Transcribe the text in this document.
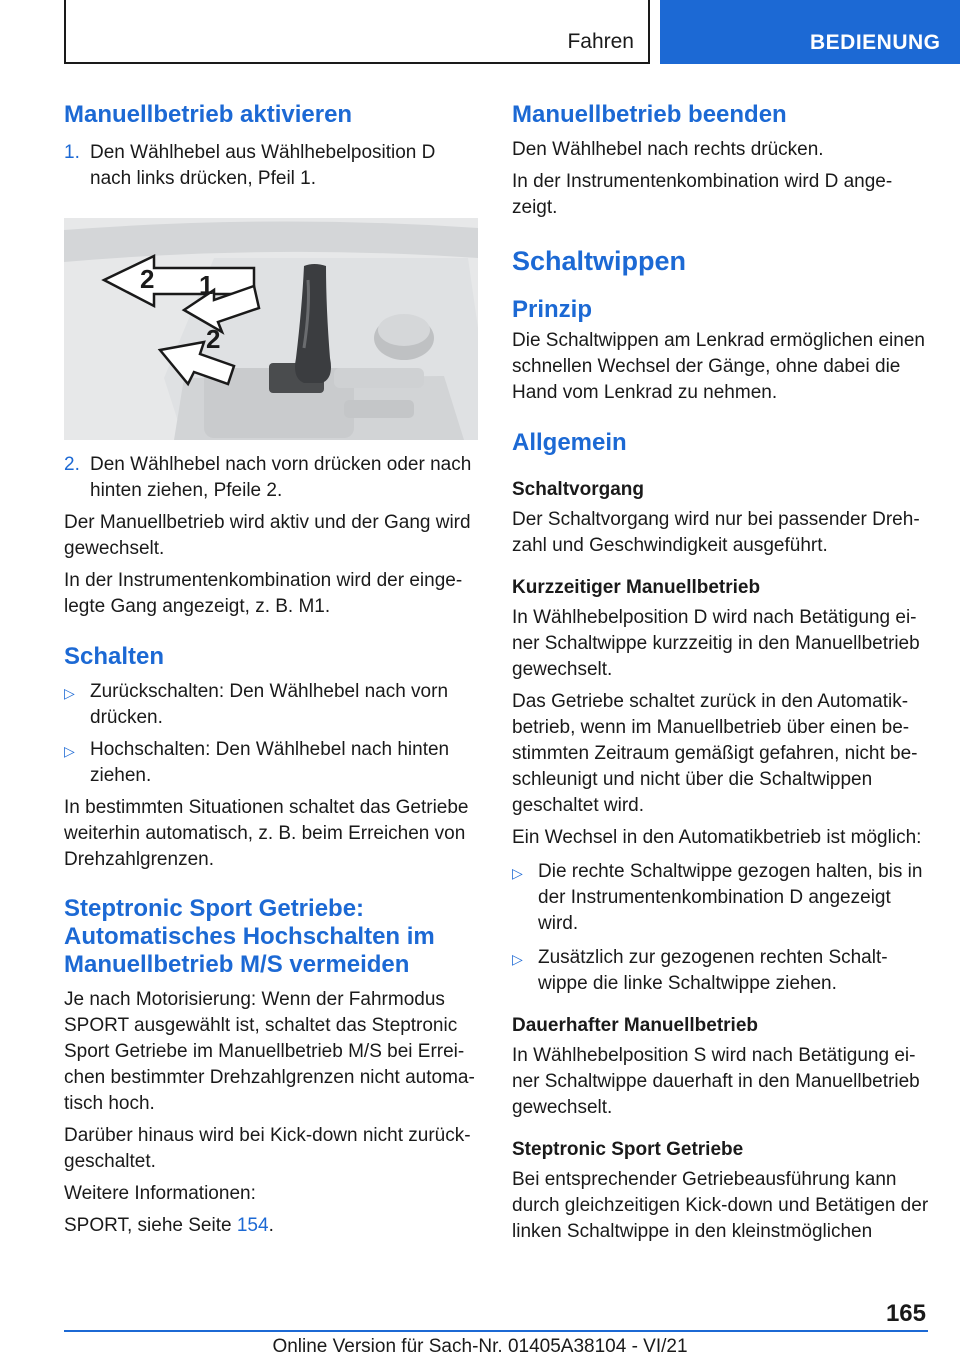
Fahren	BEDIENUNG
Manuellbetrieb aktivieren
1. Den Wählhebel aus Wählhebelposition D nach links drücken, Pfeil 1.
1
2
2
2. Den Wählhebel nach vorn drücken oder nach hinten ziehen, Pfeile 2.

Der Manuellbetrieb wird aktiv und der Gang wird gewechselt.

In der Instrumentenkombination wird der einge-legte Gang angezeigt, z. B. M1.

Schalten
▷ Zurückschalten: Den Wählhebel nach vorn drücken.
▷ Hochschalten: Den Wählhebel nach hinten ziehen.

In bestimmten Situationen schaltet das Getriebe weiterhin automatisch, z. B. beim Erreichen von Drehzahlgrenzen.

Steptronic Sport Getriebe: Automatisches Hochschalten im Manuellbetrieb M/S vermeiden

Je nach Motorisierung: Wenn der Fahrmodus SPORT ausgewählt ist, schaltet das Steptronic Sport Getriebe im Manuellbetrieb M/S bei Errei-chen bestimmter Drehzahlgrenzen nicht automa-tisch hoch.

Darüber hinaus wird bei Kick-down nicht zurück-geschaltet.

Weitere Informationen:

SPORT, siehe Seite 154.

Manuellbetrieb beenden

Den Wählhebel nach rechts drücken.

In der Instrumentenkombination wird D ange-zeigt.

Schaltwippen
Prinzip

Die Schaltwippen am Lenkrad ermöglichen einen schnellen Wechsel der Gänge, ohne dabei die Hand vom Lenkrad zu nehmen.

Allgemein
Schaltvorgang

Der Schaltvorgang wird nur bei passender Dreh-zahl und Geschwindigkeit ausgeführt.

Kurzzeitiger Manuellbetrieb

In Wählhebelposition D wird nach Betätigung ei-ner Schaltwippe kurzzeitig in den Manuellbetrieb gewechselt.

Das Getriebe schaltet zurück in den Automatik-betrieb, wenn im Manuellbetrieb über einen be-stimmten Zeitraum gemäßigt gefahren, nicht be-schleunigt und nicht über die Schaltwippen geschaltet wird.

Ein Wechsel in den Automatikbetrieb ist möglich:

▷ Die rechte Schaltwippe gezogen halten, bis in der Instrumentenkombination D angezeigt wird.
▷ Zusätzlich zur gezogenen rechten Schalt-wippe die linke Schaltwippe ziehen.
Dauerhafter Manuellbetrieb

In Wählhebelposition S wird nach Betätigung ei-ner Schaltwippe dauerhaft in den Manuellbetrieb gewechselt.

Steptronic Sport Getriebe

Bei entsprechender Getriebeausführung kann durch gleichzeitigen Kick-down und Betätigen der linken Schaltwippe in den kleinstmöglichen

165
Online Version für Sach-Nr. 01405A38104 - VI/21
